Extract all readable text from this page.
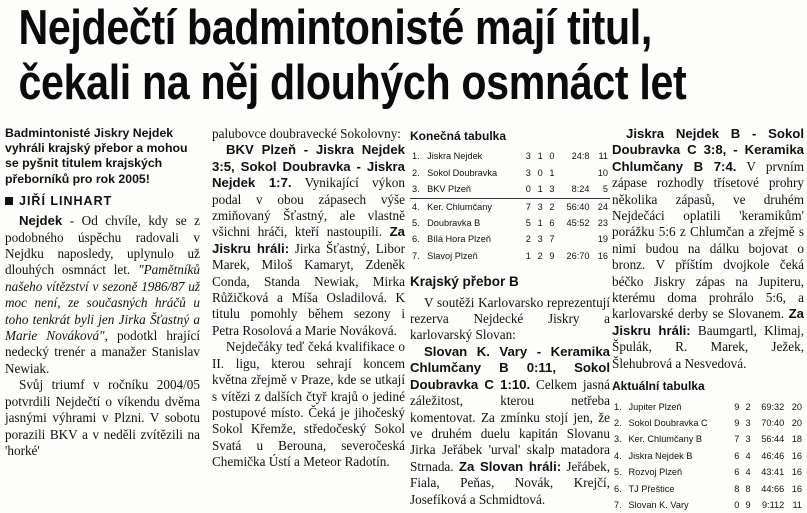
Nejdečtí badmintonisté mají titul,
čekali na něj dlouhých osmnáct let
Badmintonisté Jiskry Nejdek vyhráli krajský přebor a mohou se pyšnit titulem krajských přeborníků pro rok 2005!
JIŘÍ LINHART

Nejdek - Od chvíle, kdy se z podobného úspěchu radovali v Nejdku naposledy, uplynulo už dlouhých osmnáct let. "Pamětníků našeho vítězství v sezoně 1986/87 už moc není, ze současných hráčů u toho tenkrát byli jen Jirka Šťastný a Marie Nováková", podotkl hrající nedecký trenér a manažer Stanislav Newiak.

Svůj triumf v ročníku 2004/05 potvrdili Nejdečtí o víkendu dvěma jasnými výhrami v Plzni. V sobotu porazili BKV a v neděli zvítězili na 'horké'

palubovce doubravecké Sokolovny:

BKV Plzeň - Jiskra Nejdek 3:5, Sokol Doubravka - Jiskra Nejdek 1:7. Vynikající výkon podal v obou zápasech výše zmiňovaný Šťastný, ale vlastně všichni hráči, kteří nastoupili. Za Jiskru hráli: Jirka Šťastný, Libor Marek, Miloš Kamaryt, Zdeněk Conda, Standa Newiak, Mirka Růžičková a Míša Osladilová. K titulu pomohly během sezony i Petra Rosolová a Marie Nováková.

Nejdečáky teď čeká kvalifikace o II. ligu, kterou sehrají koncem května zřejmě v Praze, kde se utkají s vítězi z dalších čtyř krajů o jediné postupové místo. Čeká je jihočeský Sokol Křemže, středočeský Sokol Svatá u Berouna, severočeská Chemička Ústí a Meteor Radotín.

Konečná tabulka
1.	Jiskra Nejdek	3	1	0	24:8	11
2.	Sokol Doubravka	3	0	1		10
3.	BKV Plzeň	0	1	3	8:24	5
4.	Ker. Chlumčany	7	3	2	56:40	24
5.	Doubravka B	5	1	6	45:52	23
6.	Bílá Hora Plzeň	2	3	7		19
7.	Slavoj Plzeň	1	2	9	26:70	16
Krajský přebor B

V soutěži Karlovarsko reprezentují rezerva Nejdecké Jiskry a karlovarský Slovan:

Slovan K. Vary - Keramika Chlumčany B 0:11, Sokol Doubravka C 1:10. Celkem jasná záležitost, kterou netřeba komentovat. Za zmínku stojí jen, že ve druhém duelu kapitán Slovanu Jirka Jeřábek 'urval' skalp matadora Strnada. Za Slovan hráli: Jeřábek, Fiala, Peňas, Novák, Krejčí, Josefíková a Schmidtová.

Jiskra Nejdek B - Sokol Doubravka C 3:8, - Keramika Chlumčany B 7:4. V prvním zápase rozhodly třísetové prohry několika zápasů, ve druhém Nejdečáci oplatili 'keramikům' porážku 5:6 z Chlumčan a zřejmě s nimi budou na dálku bojovat o bronz. V příštím dvojkole čeká béčko Jiskry zápas na Jupiteru, kterému doma prohrálo 5:6, a karlovarské derby se Slovanem. Za Jiskru hráli: Baumgartl, Klimaj, Špulák, R. Marek, Ježek, Šlehubrová a Nesvedová.

Aktuální tabulka
1.	Jupiter Plzeň	9	2	69:32	20
2.	Sokol Doubravka C	9	3	70:40	20
3.	Ker. Chlumčany B	7	3	56:44	18
4.	Jiskra Nejdek B	6	4	46:46	16
5.	Rozvoj Plzeň	6	4	43:41	16
6.	TJ Přeštice	8	8	44:66	16
7.	Slovan K. Vary	0	9	9:112	11
